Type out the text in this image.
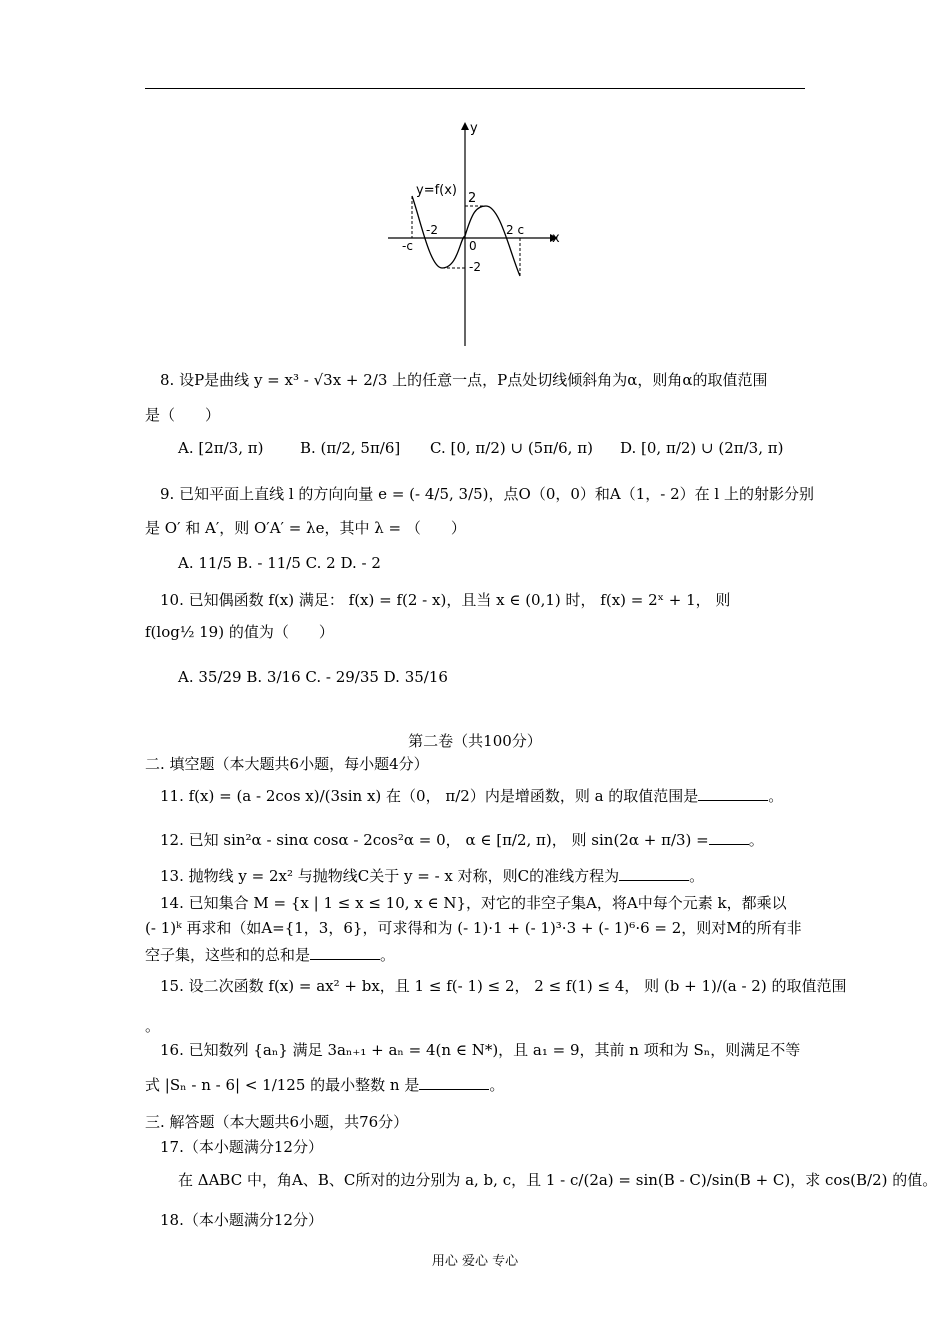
y
x
y=f(x)
2
-2
0
-2
2 c
-c
8. 设P是曲线 y = x³ - √3x + 2/3 上的任意一点，P点处切线倾斜角为α，则角α的取值范围
是（　　）
A. [2π/3, π) B. (π/2, 5π/6] C. [0, π/2) ∪ (5π/6, π) D. [0, π/2) ∪ (2π/3, π)
9. 已知平面上直线 l 的方向向量 e = (- 4/5, 3/5)，点O（0，0）和A（1，- 2）在 l 上的射影分别
是 O′ 和 A′，则 O′A′ = λe，其中 λ = （　　）
A. 11/5 B. - 11/5 C. 2 D. - 2
10. 已知偶函数 f(x) 满足： f(x) = f(2 - x)，且当 x ∈ (0,1) 时， f(x) = 2ˣ + 1， 则
f(log½ 19) 的值为（　　）
A. 35/29 B. 3/16 C. - 29/35 D. 35/16
第二卷（共100分）
二. 填空题（本大题共6小题，每小题4分）
11. f(x) = (a - 2cos x)/(3sin x) 在（0， π/2）内是增函数，则 a 的取值范围是	。
12. 已知 sin²α - sinα cosα - 2cos²α = 0， α ∈ [π/2, π)， 则 sin(2α + π/3) =	。
13. 抛物线 y = 2x² 与抛物线C关于 y = - x 对称，则C的准线方程为	。
14. 已知集合 M = {x | 1 ≤ x ≤ 10, x ∈ N}，对它的非空子集A，将A中每个元素 k，都乘以
(- 1)ᵏ 再求和（如A={1，3，6}，可求得和为 (- 1)·1 + (- 1)³·3 + (- 1)⁶·6 = 2，则对M的所有非
空子集，这些和的总和是	。
15. 设二次函数 f(x) = ax² + bx，且 1 ≤ f(- 1) ≤ 2， 2 ≤ f(1) ≤ 4， 则 (b + 1)/(a - 2) 的取值范围
。
16. 已知数列 {aₙ} 满足 3aₙ₊₁ + aₙ = 4(n ∈ N*)，且 a₁ = 9，其前 n 项和为 Sₙ，则满足不等
式 |Sₙ - n - 6| < 1/125 的最小整数 n 是	。
三. 解答题（本大题共6小题，共76分）
17.（本小题满分12分）
在 ΔABC 中，角A、B、C所对的边分别为 a, b, c，且 1 - c/(2a) = sin(B - C)/sin(B + C)，求 cos(B/2) 的值。
18.（本小题满分12分）
用心 爱心 专心
